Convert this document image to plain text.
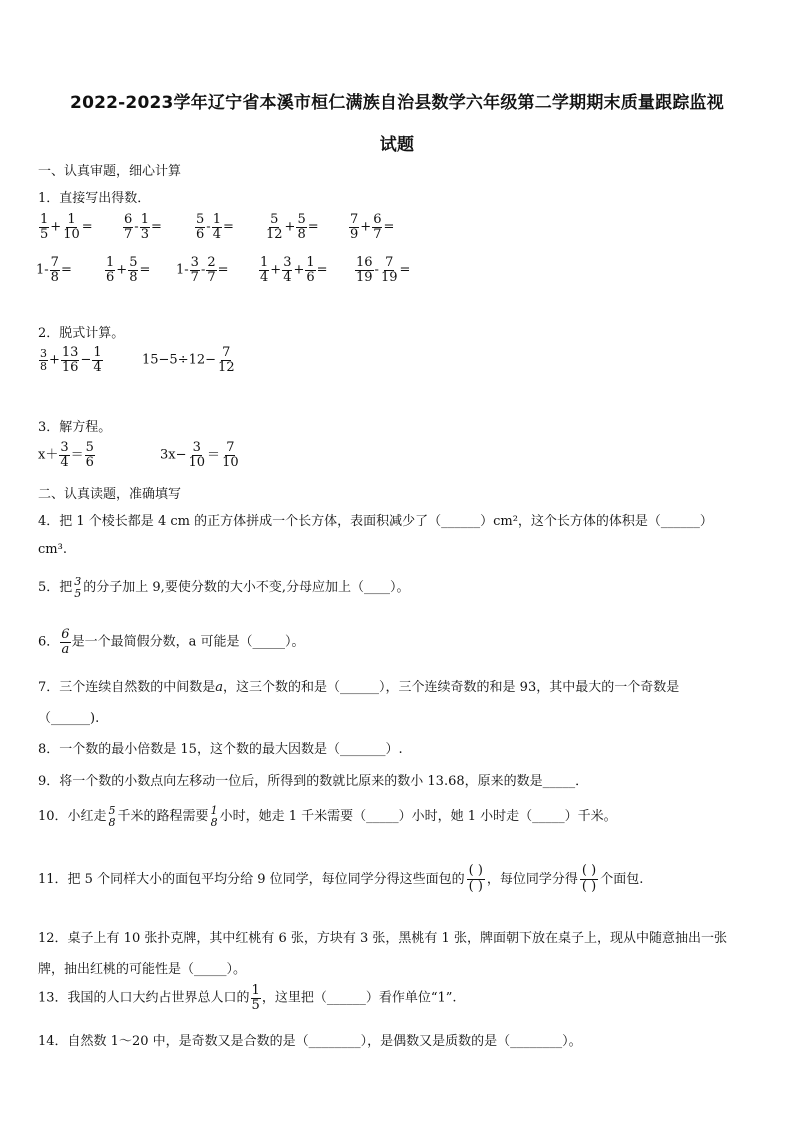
2022-2023学年辽宁省本溪市桓仁满族自治县数学六年级第二学期期末质量跟踪监视
试题
一、认真审题，细心计算
1．直接写出得数．
$\frac{1}{5} + \frac{1}{10} = \frac{6}{7} - \frac{1}{3}$ =	$\frac{5}{6} - \frac{1}{4} = \frac{5}{12} + \frac{5}{8} = \frac{7}{9} + \frac{6}{7}$ =
$1- \frac{7}{8}$ =	$\frac{1}{6} + \frac{5}{8} = 1- \frac{3}{7} - \frac{2}{7} = \frac{1}{4} + \frac{3}{4} + \frac{1}{6} = \frac{16}{19} - \frac{7}{19}$ =
2．脱式计算。
$\frac{3}{8} + \frac{13}{16} - \frac{1}{4}$	$15-5\div 12- \frac{7}{12}$
3．解方程。
$x+ \frac{3}{4} = \frac{5}{6}$	$3x- \frac{3}{10} = \frac{7}{10}$
二、认真读题，准确填写
4．把 1 个棱长都是 4 cm 的正方体拼成一个长方体，表面积减少了（______）cm²，这个长方体的体积是（______）
cm³.
5．把 3
5 的分子加上 9,要使分数的大小不变,分母应加上（____）。
6． $\frac{6}{a}$ 是一个最简假分数，a 可能是（_____）。
7．三个连续自然数的中间数是a，这三个数的和是（______），三个连续奇数的和是 93，其中最大的一个奇数是
（______).
8．一个数的最小倍数是 15，这个数的最大因数是（_______）.
9．将一个数的小数点向左移动一位后，所得到的数就比原来的数小 13.68，原来的数是_____．
10．小红走 5
8 千米的路程需要 1
8 小时，她走 1 千米需要（_____）小时，她 1 小时走（_____）千米。
11．把 5 个同样大小的面包平均分给 9 位同学，每位同学分得这些面包的 $\frac{( )}{( )}$ ，每位同学分得 $\frac{( )}{( )}$ 个面包.
12．桌子上有 10 张扑克牌，其中红桃有 6 张，方块有 3 张，黑桃有 1 张，牌面朝下放在桌子上，现从中随意抽出一张
牌，抽出红桃的可能性是（_____）。
13．我国的人口大约占世界总人口的 $\frac{1}{5}$ ，这里把（______）看作单位“1”.
14．自然数 1～20 中，是奇数又是合数的是（________），是偶数又是质数的是（________）。
